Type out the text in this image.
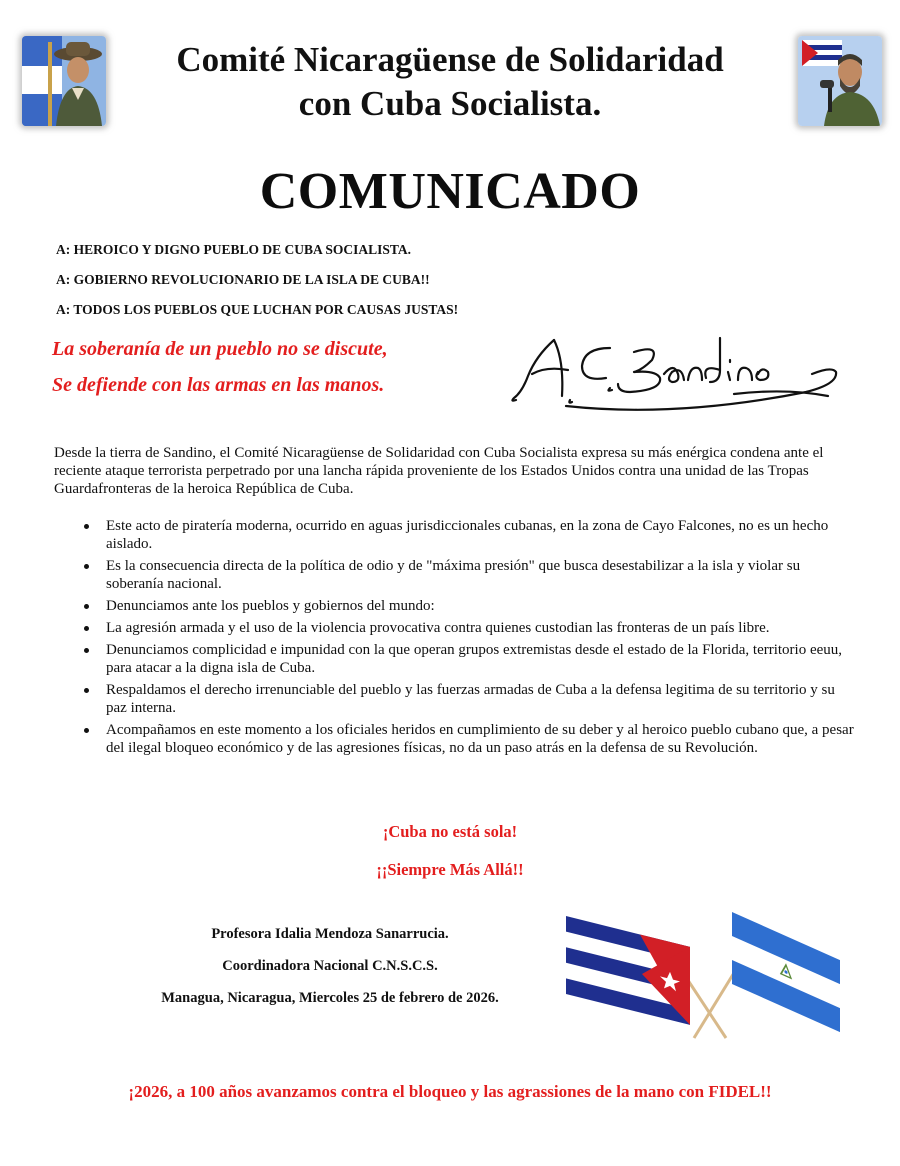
Comité Nicaragüense de Solidaridad
con Cuba Socialista.
COMUNICADO
A: HEROICO Y DIGNO PUEBLO DE CUBA SOCIALISTA.
A: GOBIERNO REVOLUCIONARIO DE LA ISLA DE CUBA!!
A: TODOS LOS PUEBLOS QUE LUCHAN POR CAUSAS JUSTAS!
La soberanía de un pueblo no se discute,
Se defiende con las armas en las manos.

Desde la tierra de Sandino, el Comité Nicaragüense de Solidaridad con Cuba Socialista expresa su más enérgica condena ante el reciente ataque terrorista perpetrado por una lancha rápida proveniente de los Estados Unidos contra una unidad de las Tropas Guardafronteras de la heroica República de Cuba.

Este acto de piratería moderna, ocurrido en aguas jurisdiccionales cubanas, en la zona de Cayo Falcones, no es un hecho aislado.
Es la consecuencia directa de la política de odio y de "máxima presión" que busca desestabilizar a la isla y violar su soberanía nacional.
Denunciamos ante los pueblos y gobiernos del mundo:
La agresión armada y el uso de la violencia provocativa contra quienes custodian las fronteras de un país libre.
Denunciamos complicidad e impunidad con la que operan grupos extremistas desde el estado de la Florida, territorio eeuu, para atacar a la digna isla de Cuba.
Respaldamos el derecho irrenunciable del pueblo y las fuerzas armadas de Cuba a la defensa legitima de su territorio y su paz interna.
Acompañamos en este momento a los oficiales heridos en cumplimiento de su deber y al heroico pueblo cubano que, a pesar del ilegal bloqueo económico y de las agresiones físicas, no da un paso atrás en la defensa de su Revolución.
¡Cuba no está sola!
¡¡Siempre Más Allá!!
Profesora Idalia Mendoza Sanarrucia.
Coordinadora Nacional C.N.S.C.S.
Managua, Nicaragua, Miercoles 25 de febrero de 2026.
¡2026, a 100 años avanzamos contra el bloqueo y las agrassiones de la mano con FIDEL!!
